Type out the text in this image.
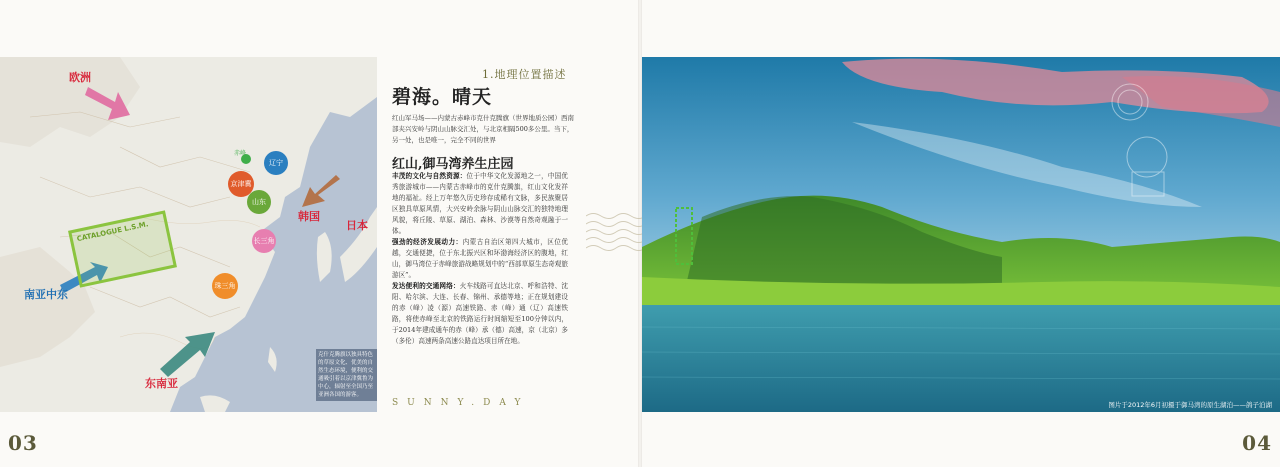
CATALOGUE L.S.M.
欧洲
韩国
日本
南亚中东
东南亚
赤峰
辽宁
京津冀
山东
长三角
珠三角
克什克腾旗以独具特色的草原文化、优美的自然生态环境，便利的交通吸引着以京津冀鲁为中心，辐射至全国乃至亚洲各国的游客。
1.地理位置描述
碧海。晴天
红山军马场——内蒙古赤峰市克什克腾旗（世界地质公园）西南部夹兴安岭与阴山山脉交汇处，与北京相隔500多公里。当下，另一处，也是唯一，完全不同的世界
红山,御马湾养生庄园
丰茂的文化与自然资源：位于中华文化发源地之一，中国优秀旅游城市——内蒙古赤峰市的克什克腾旗，红山文化发祥地的福祉。经上万年悠久历史珍存成稀有文脉，多民族聚居区独具草原风情，大兴安岭余脉与阴山山脉交汇的独特地理风貌，将丘陵、草原、湖泊、森林、沙漠等自然奇观融于一体。
强劲的经济发展动力：内蒙古自治区第四大城市，区位优越，交通便捷，位于东北振兴区和环渤海经济区的腹地，红山，御马湾位于赤峰旅游战略规划中的“西部草原生态奇观旅游区”。
发达便利的交通网络：火车线路可直达北京、呼和浩特、沈阳、哈尔滨、大连、长春、锦州、承德等地；正在规划建设的赤（峰）凌（源）高速铁路、赤（峰）通（辽）高速铁路，将使赤峰至北京的铁路运行时间缩短至100分钟以内，于2014年建成通车的赤（峰）承（德）高速，京（北京）多（多伦）高速两条高速公路直达项目所在地。
SUNNY.DAY
03	04
图片于2012年6月初摄于御马湾的原生湖泊——鸽子泊湖
